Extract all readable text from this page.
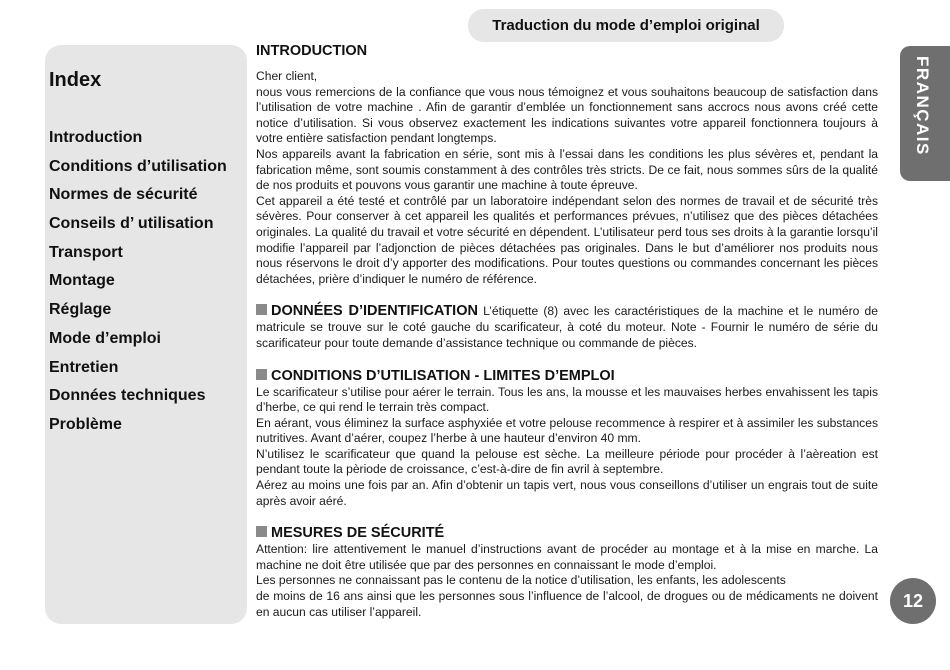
Traduction du mode d’emploi original
Index
Introduction
Conditions d’utilisation
Normes de sécurité
Conseils d’ utilisation
Transport
Montage
Réglage
Mode d’emploi
Entretien
Données techniques
Problème
FRANÇAIS
12
INTRODUCTION

Cher client,

nous vous remercions de la confiance que vous nous témoignez et vous souhaitons beaucoup de satisfaction dans l’utilisation de votre machine . Afin de garantir d’emblée un fonctionnement sans accrocs nous avons créé cette notice d’utilisation. Si vous observez exactement les indications suivantes votre appareil fonctionnera toujours à votre entière satisfaction pendant longtemps.

Nos appareils avant la fabrication en série, sont mis à l’essai dans les conditions les plus sévères et, pendant la fabrication même, sont soumis constamment à des contrôles très stricts. De ce fait, nous sommes sûrs de la qualité de nos produits et pouvons vous garantir une machine à toute épreuve.

Cet appareil a été testé et contrôlé par un laboratoire indépendant selon des normes de travail et de sécurité très sévères. Pour conserver à cet appareil les qualités et performances prévues, n’utilisez que des pièces détachées originales. La qualité du travail et votre sécurité en dépendent. L’utilisateur perd tous ses droits à la garantie lorsqu’il modifie l’appareil par l’adjonction de pièces détachées pas originales. Dans le but d’améliorer nos produits nous nous réservons le droit d’y apporter des modifications. Pour toutes questions ou commandes concernant les pièces détachées, prière d’indiquer le numéro de référence.

DONNÉES D’IDENTIFICATION L’étiquette (8) avec les caractéristiques de la machine et le numéro de matricule se trouve sur le coté gauche du scarificateur, à coté du moteur. Note - Fournir le numéro de série du scarificateur pour toute demande d’assistance technique ou commande de pièces.

CONDITIONS D’UTILISATION - LIMITES D’EMPLOI

Le scarificateur s’utilise pour aérer le terrain. Tous les ans, la mousse et les mauvaises herbes envahissent les tapis d’herbe, ce qui rend le terrain très compact.

En aérant, vous éliminez la surface asphyxiée et votre pelouse recommence à respirer et à assimiler les substances nutritives. Avant d’aérer, coupez l’herbe à une hauteur d’environ 40 mm.

N’utilisez le scarificateur que quand la pelouse est sèche. La meilleure période pour procéder à l’aèreation est pendant toute la pèriode de croissance, c’est-à-dire de fin avril à septembre.

Aérez au moins une fois par an. Afin d’obtenir un tapis vert, nous vous conseillons d’utiliser un engrais tout de suite après avoir aéré.

MESURES DE SÉCURITÉ

Attention: lire attentivement le manuel d’instructions avant de procéder au montage et à la mise en marche. La machine ne doit être utilisée que par des personnes en connaissant le mode d’emploi.

Les personnes ne connaissant pas le contenu de la notice d’utilisation, les enfants, les adolescents

de moins de 16 ans ainsi que les personnes sous l’influence de l’alcool, de drogues ou de médicaments ne doivent en aucun cas utiliser l’appareil.
